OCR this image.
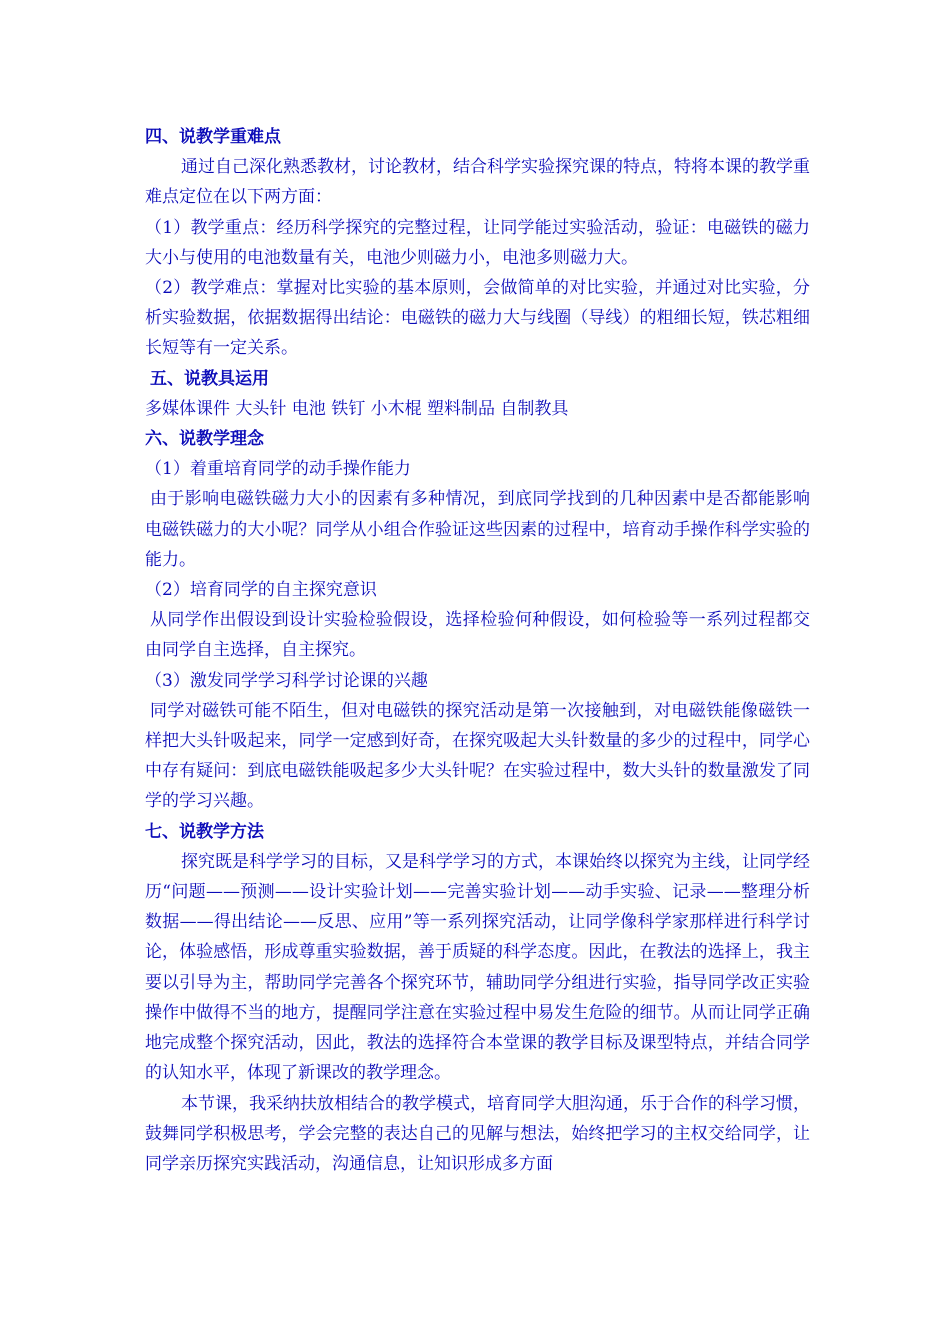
四、说教学重难点

通过自己深化熟悉教材，讨论教材，结合科学实验探究课的特点，特将本课的教学重难点定位在以下两方面：

（1）教学重点：经历科学探究的完整过程，让同学能过实验活动，验证：电磁铁的磁力大小与使用的电池数量有关，电池少则磁力小，电池多则磁力大。

（2）教学难点：掌握对比实验的基本原则，会做简单的对比实验，并通过对比实验，分析实验数据，依据数据得出结论：电磁铁的磁力大与线圈（导线）的粗细长短，铁芯粗细长短等有一定关系。

五、说教具运用

多媒体课件 大头针 电池 铁钉 小木棍 塑料制品 自制教具

六、说教学理念

（1）着重培育同学的动手操作能力

由于影响电磁铁磁力大小的因素有多种情况，到底同学找到的几种因素中是否都能影响电磁铁磁力的大小呢？同学从小组合作验证这些因素的过程中，培育动手操作科学实验的能力。

（2）培育同学的自主探究意识

从同学作出假设到设计实验检验假设，选择检验何种假设，如何检验等一系列过程都交由同学自主选择，自主探究。

（3）激发同学学习科学讨论课的兴趣

同学对磁铁可能不陌生，但对电磁铁的探究活动是第一次接触到，对电磁铁能像磁铁一样把大头针吸起来，同学一定感到好奇，在探究吸起大头针数量的多少的过程中，同学心中存有疑问：到底电磁铁能吸起多少大头针呢？在实验过程中，数大头针的数量激发了同学的学习兴趣。

七、说教学方法

探究既是科学学习的目标，又是科学学习的方式，本课始终以探究为主线，让同学经历“问题——预测——设计实验计划——完善实验计划——动手实验、记录——整理分析数据——得出结论——反思、应用”等一系列探究活动，让同学像科学家那样进行科学讨论，体验感悟，形成尊重实验数据，善于质疑的科学态度。因此，在教法的选择上，我主要以引导为主，帮助同学完善各个探究环节，辅助同学分组进行实验，指导同学改正实验操作中做得不当的地方，提醒同学注意在实验过程中易发生危险的细节。从而让同学正确地完成整个探究活动，因此，教法的选择符合本堂课的教学目标及课型特点，并结合同学的认知水平，体现了新课改的教学理念。

本节课，我采纳扶放相结合的教学模式，培育同学大胆沟通，乐于合作的科学习惯，鼓舞同学积极思考，学会完整的表达自己的见解与想法，始终把学习的主权交给同学，让同学亲历探究实践活动，沟通信息，让知识形成多方面
